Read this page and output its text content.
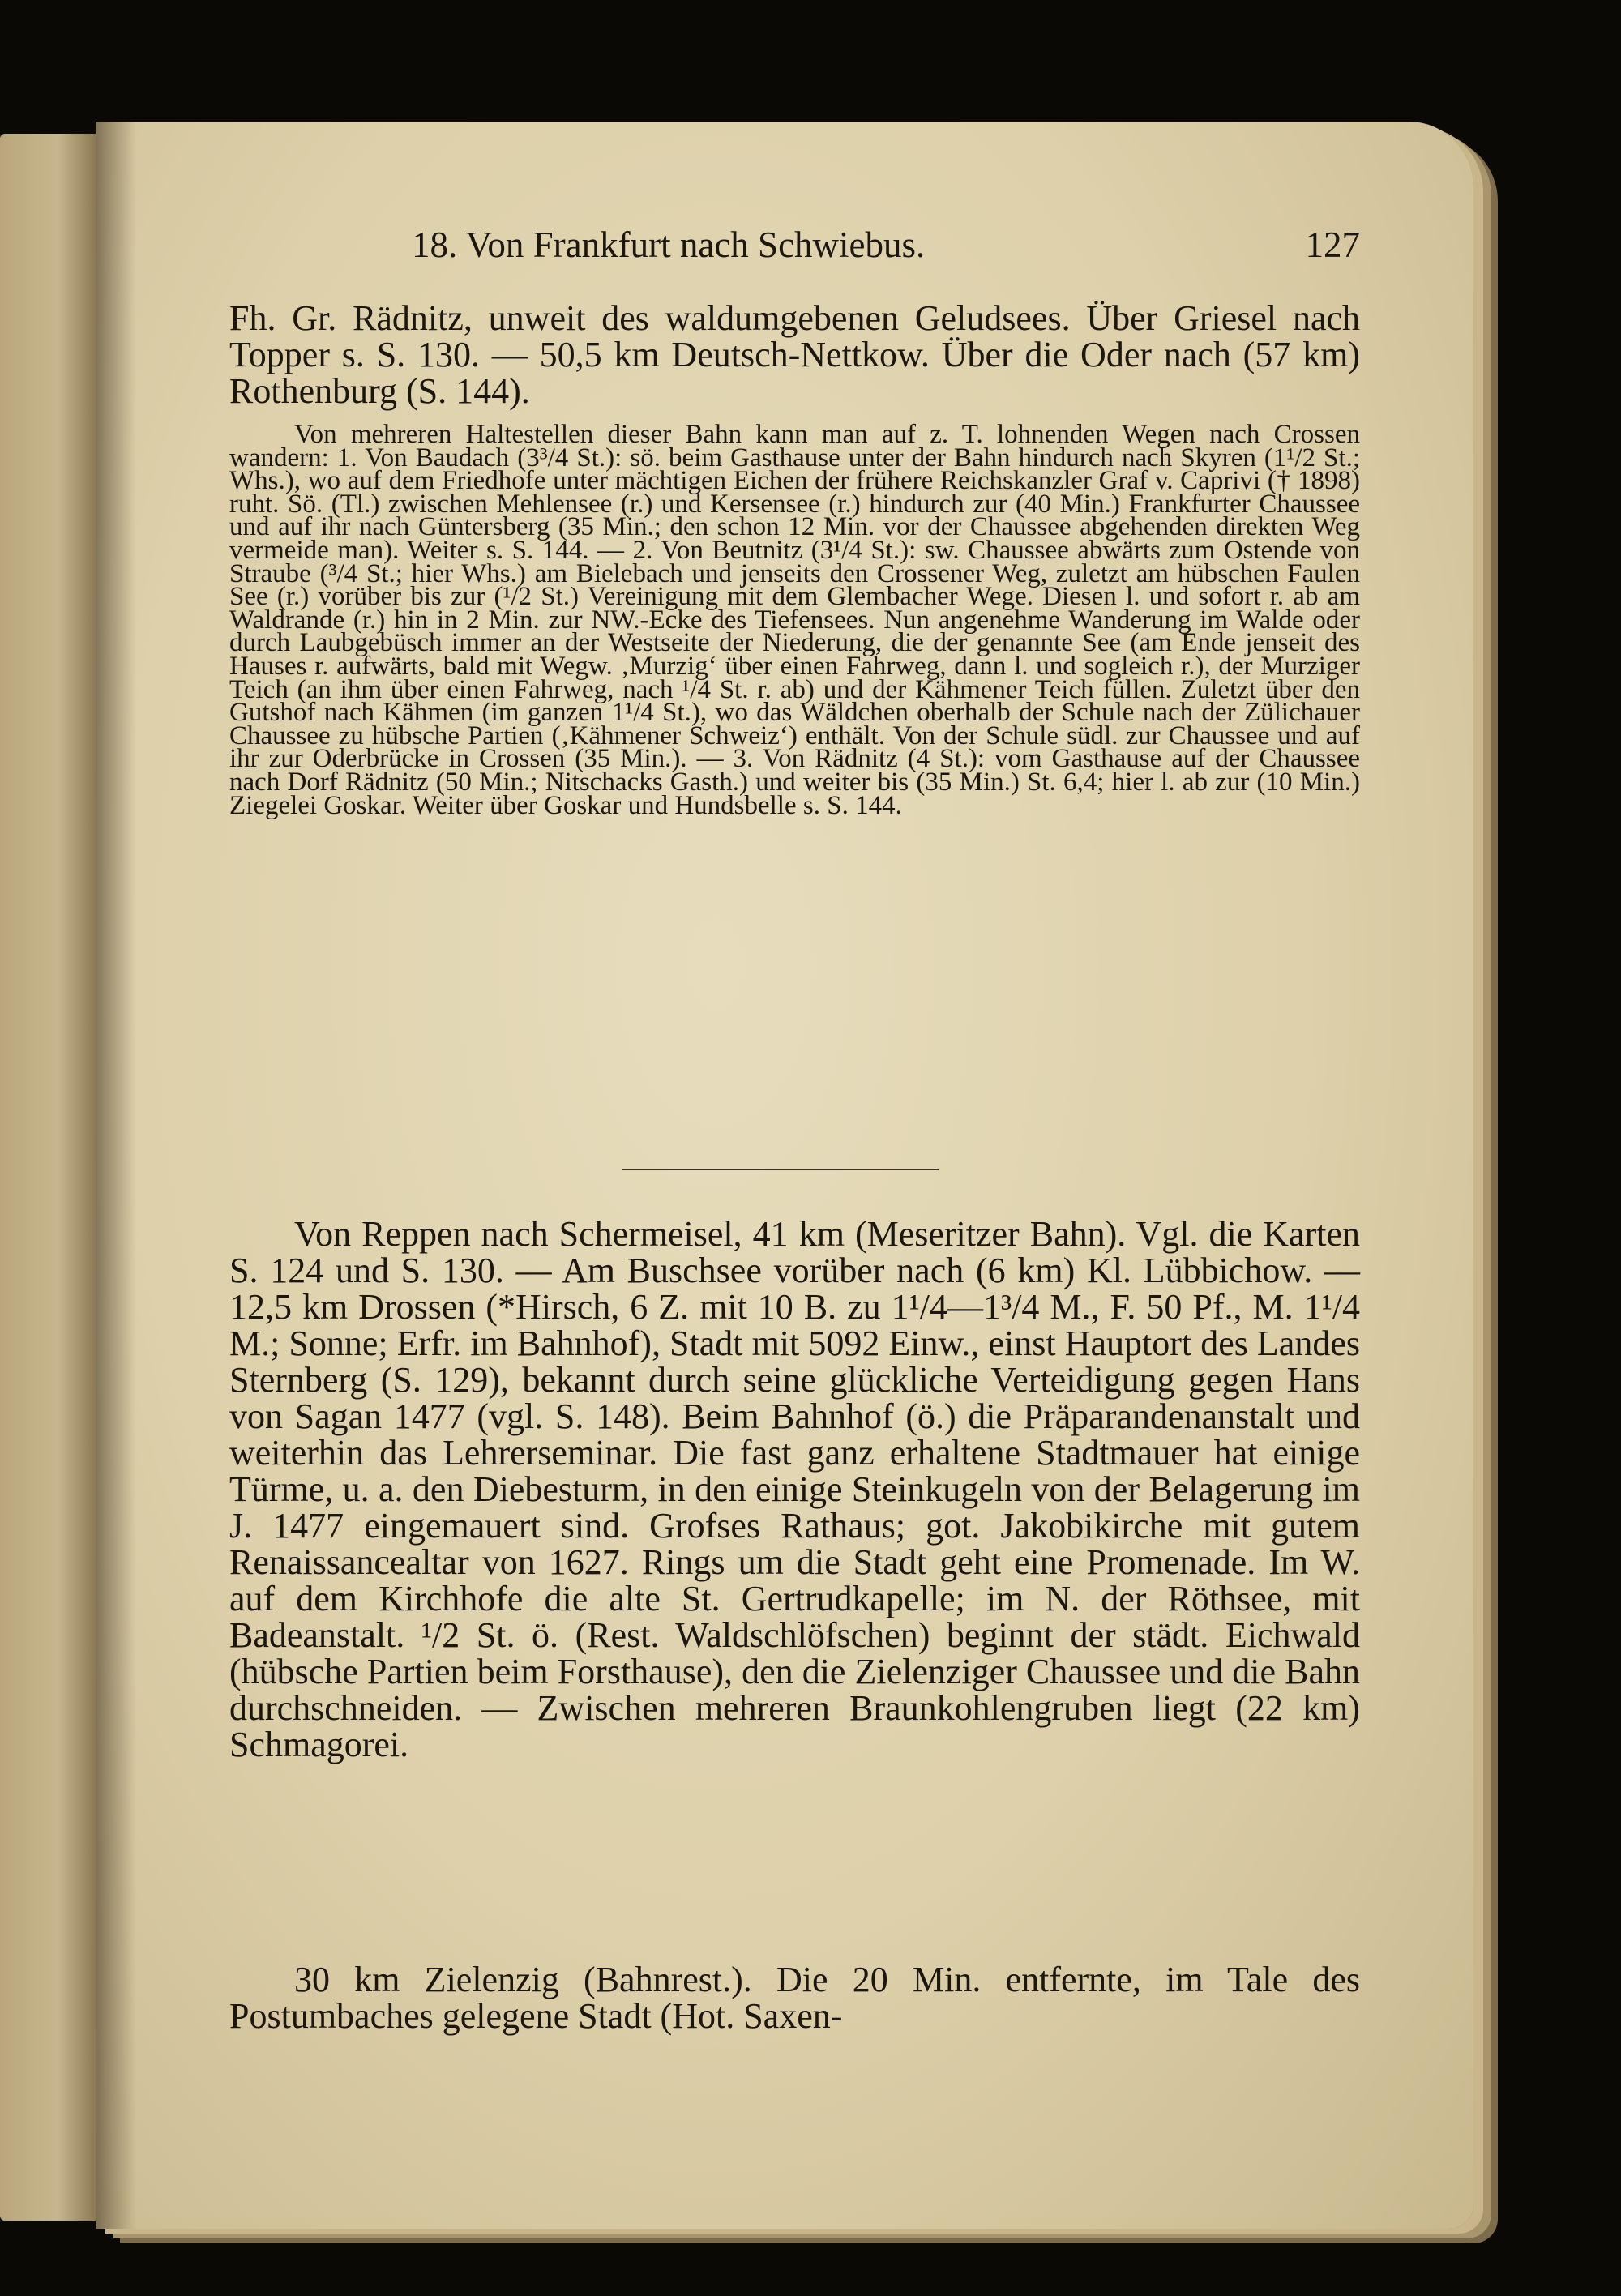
18. Von Frankfurt nach Schwiebus.	127

Fh. Gr. Rädnitz, unweit des waldumgebenen Geludsees. Über Griesel nach Topper s. S. 130. — 50,5 km Deutsch-Nettkow. Über die Oder nach (57 km) Rothenburg (S. 144).

Von mehreren Haltestellen dieser Bahn kann man auf z. T. lohnenden Wegen nach Crossen wandern: 1. Von Baudach (3³/4 St.): sö. beim Gasthause unter der Bahn hindurch nach Skyren (1¹/2 St.; Whs.), wo auf dem Friedhofe unter mächtigen Eichen der frühere Reichskanzler Graf v. Caprivi († 1898) ruht. Sö. (Tl.) zwischen Mehlensee (r.) und Kersensee (r.) hindurch zur (40 Min.) Frankfurter Chaussee und auf ihr nach Güntersberg (35 Min.; den schon 12 Min. vor der Chaussee abgehenden direkten Weg vermeide man). Weiter s. S. 144. — 2. Von Beutnitz (3¹/4 St.): sw. Chaussee abwärts zum Ostende von Straube (³/4 St.; hier Whs.) am Bielebach und jenseits den Crossener Weg, zuletzt am hübschen Faulen See (r.) vorüber bis zur (¹/2 St.) Vereinigung mit dem Glembacher Wege. Diesen l. und sofort r. ab am Waldrande (r.) hin in 2 Min. zur NW.-Ecke des Tiefensees. Nun angenehme Wanderung im Walde oder durch Laubgebüsch immer an der Westseite der Niederung, die der genannte See (am Ende jenseit des Hauses r. aufwärts, bald mit Wegw. ‚Murzig‘ über einen Fahrweg, dann l. und sogleich r.), der Murziger Teich (an ihm über einen Fahrweg, nach ¹/4 St. r. ab) und der Kähmener Teich füllen. Zuletzt über den Gutshof nach Kähmen (im ganzen 1¹/4 St.), wo das Wäldchen oberhalb der Schule nach der Zülichauer Chaussee zu hübsche Partien (‚Kähmener Schweiz‘) enthält. Von der Schule südl. zur Chaussee und auf ihr zur Oderbrücke in Crossen (35 Min.). — 3. Von Rädnitz (4 St.): vom Gasthause auf der Chaussee nach Dorf Rädnitz (50 Min.; Nitschacks Gasth.) und weiter bis (35 Min.) St. 6,4; hier l. ab zur (10 Min.) Ziegelei Goskar. Weiter über Goskar und Hundsbelle s. S. 144.

Von Reppen nach Schermeisel, 41 km (Meseritzer Bahn). Vgl. die Karten S. 124 und S. 130. — Am Buschsee vorüber nach (6 km) Kl. Lübbichow. — 12,5 km Drossen (*Hirsch, 6 Z. mit 10 B. zu 1¹/4—1³/4 M., F. 50 Pf., M. 1¹/4 M.; Sonne; Erfr. im Bahnhof), Stadt mit 5092 Einw., einst Hauptort des Landes Sternberg (S. 129), bekannt durch seine glückliche Verteidigung gegen Hans von Sagan 1477 (vgl. S. 148). Beim Bahnhof (ö.) die Präparandenanstalt und weiterhin das Lehrerseminar. Die fast ganz erhaltene Stadtmauer hat einige Türme, u. a. den Diebesturm, in den einige Steinkugeln von der Belagerung im J. 1477 eingemauert sind. Grofses Rathaus; got. Jakobikirche mit gutem Renaissancealtar von 1627. Rings um die Stadt geht eine Promenade. Im W. auf dem Kirchhofe die alte St. Gertrudkapelle; im N. der Röthsee, mit Badeanstalt. ¹/2 St. ö. (Rest. Waldschlöfschen) beginnt der städt. Eichwald (hübsche Partien beim Forsthause), den die Zielenziger Chaussee und die Bahn durchschneiden. — Zwischen mehreren Braunkohlengruben liegt (22 km) Schmagorei.

30 km Zielenzig (Bahnrest.). Die 20 Min. entfernte, im Tale des Postumbaches gelegene Stadt (Hot. Saxen-
